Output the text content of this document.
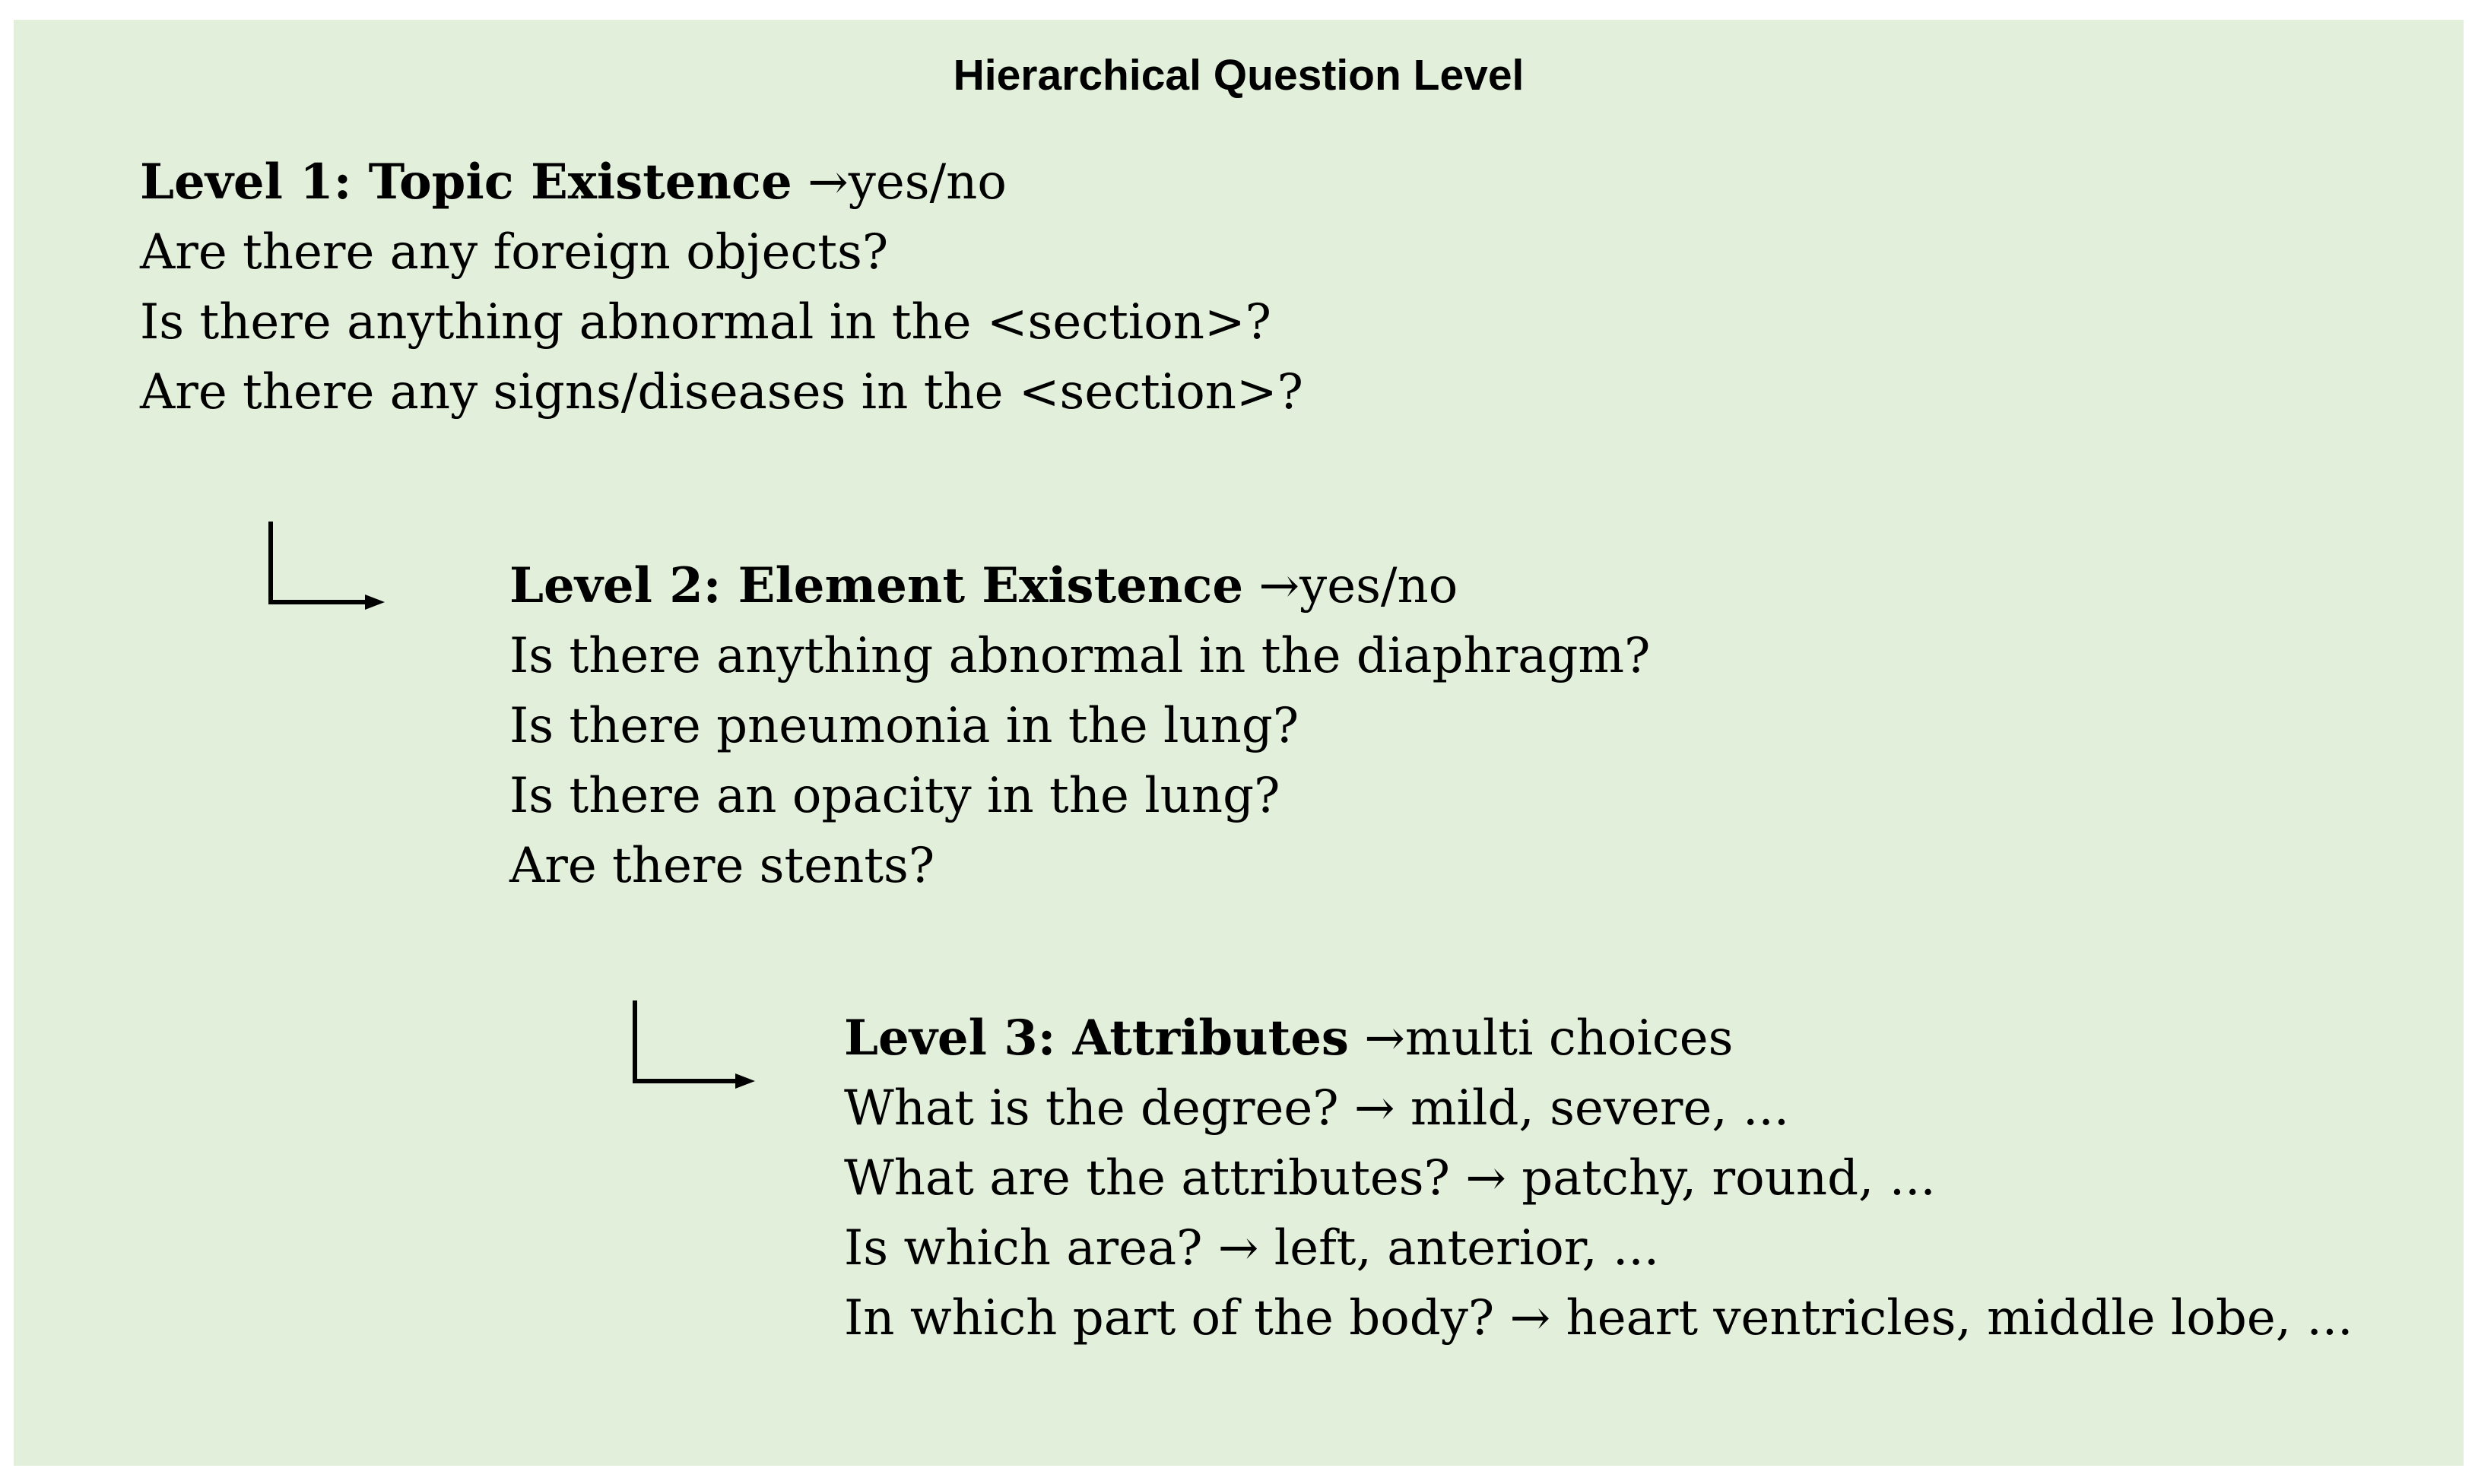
Hierarchical Question Level
Level 1: Topic Existence →yes/no
Are there any foreign objects?
Is there anything abnormal in the <section>?
Are there any signs/diseases in the <section>?
Level 2: Element Existence →yes/no
Is there anything abnormal in the diaphragm?
Is there pneumonia in the lung?
Is there an opacity in the lung?
Are there stents?
Level 3: Attributes →multi choices
What is the degree? → mild, severe, ...
What are the attributes? → patchy, round, ...
Is which area? → left, anterior, ...
In which part of the body? → heart ventricles, middle lobe, ...
